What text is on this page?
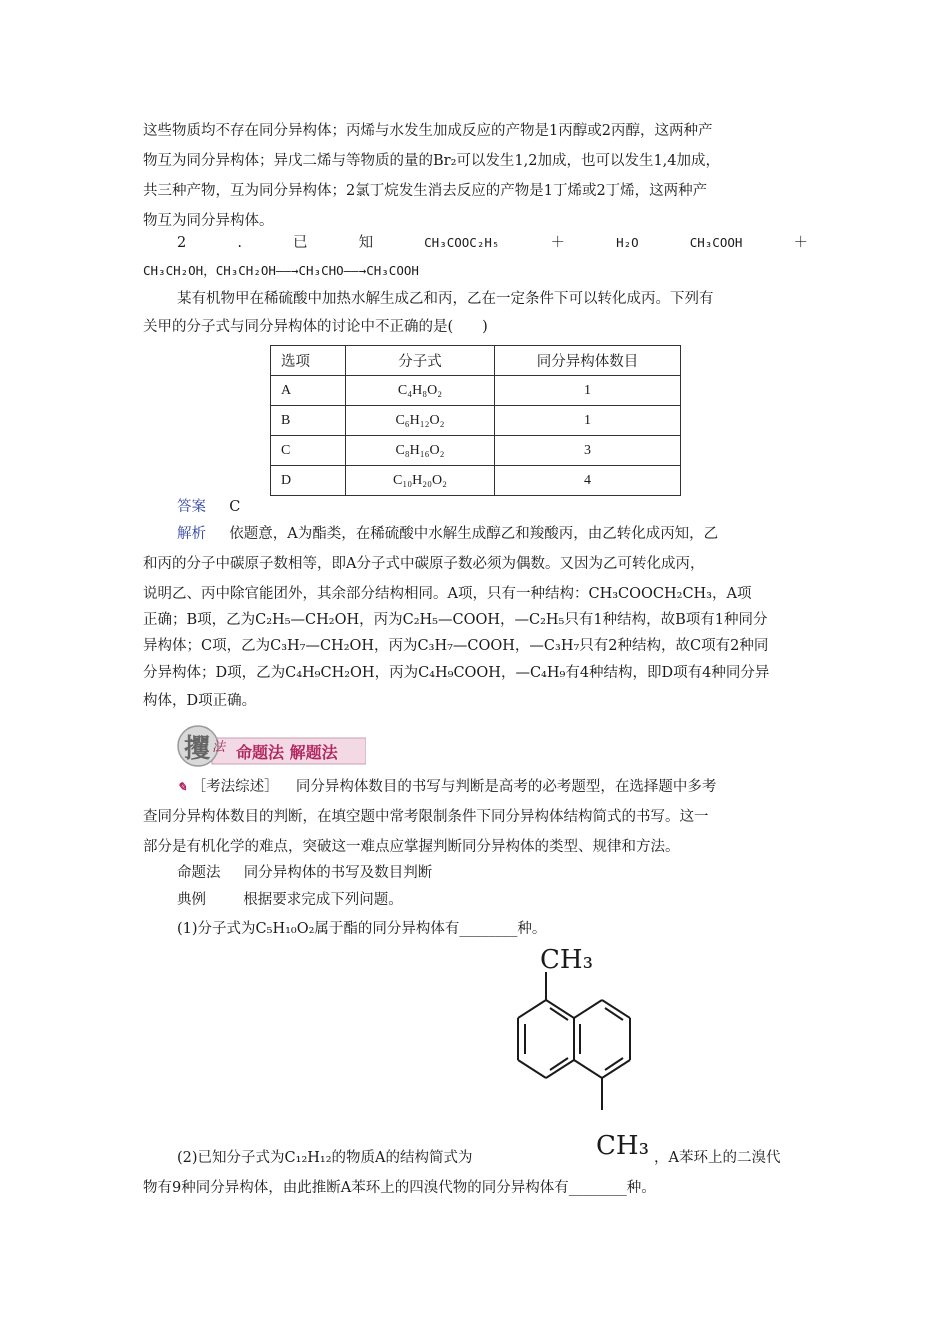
这些物质均不存在同分异构体；丙烯与水发生加成反应的产物是1丙醇或2丙醇，这两种产
物互为同分异构体；异戊二烯与等物质的量的Br₂可以发生1,2加成，也可以发生1,4加成，
共三种产物，互为同分异构体；2氯丁烷发生消去反应的产物是1丁烯或2丁烯，这两种产
物互为同分异构体。
2	.	已	知	CH₃COOC₂H₅	＋	H₂O	CH₃COOH	＋
CH₃CH₂OH，CH₃CH₂OH——→CH₃CHO——→CH₃COOH
某有机物甲在稀硫酸中加热水解生成乙和丙，乙在一定条件下可以转化成丙。下列有
关甲的分子式与同分异构体的讨论中不正确的是(　　)
选项	分子式	同分异构体数目
A	C₄H₈O₂	1
B	C₆H₁₂O₂	1
C	C₈H₁₆O₂	3
D	C₁₀H₂₀O₂	4
答案 C
解析 依题意，A为酯类，在稀硫酸中水解生成醇乙和羧酸丙，由乙转化成丙知，乙
和丙的分子中碳原子数相等，即A分子式中碳原子数必须为偶数。又因为乙可转化成丙，
说明乙、丙中除官能团外，其余部分结构相同。A项，只有一种结构：CH₃COOCH₂CH₃，A项
正确；B项，乙为C₂H₅—CH₂OH，丙为C₂H₅—COOH，—C₂H₅只有1种结构，故B项有1种同分
异构体；C项，乙为C₃H₇—CH₂OH，丙为C₃H₇—COOH，—C₃H₇只有2种结构，故C项有2种同
分异构体；D项，乙为C₄H₉CH₂OH，丙为C₄H₉COOH，—C₄H₉有4种结构，即D项有4种同分异
构体，D项正确。
攫 法 命题法 解题法
✎ ［考法综述］ 同分异构体数目的书写与判断是高考的必考题型，在选择题中多考
查同分异构体数目的判断，在填空题中常考限制条件下同分异构体结构简式的书写。这一
部分是有机化学的难点，突破这一难点应掌握判断同分异构体的类型、规律和方法。
命题法 同分异构体的书写及数目判断
典例	根据要求完成下列问题。
(1)分子式为C₅H₁₀O₂属于酯的同分异构体有________种。
CH₃
CH₃
(2)已知分子式为C₁₂H₁₂的物质A的结构简式为	，A苯环上的二溴代
物有9种同分异构体，由此推断A苯环上的四溴代物的同分异构体有________种。
